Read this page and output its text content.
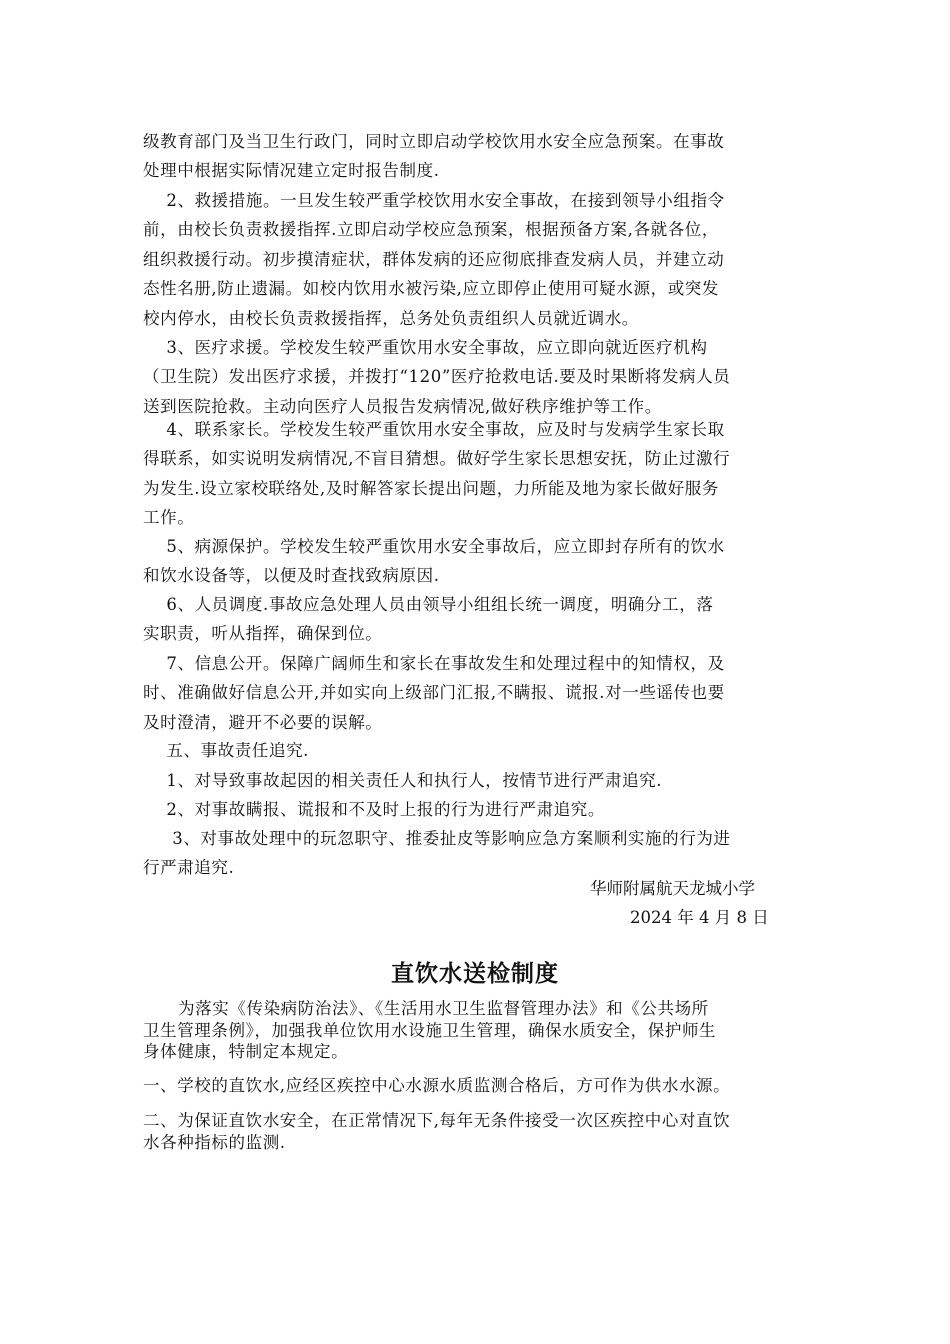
级教育部门及当卫生行政门，同时立即启动学校饮用水安全应急预案。在事故
处理中根据实际情况建立定时报告制度.
2、救援措施。一旦发生较严重学校饮用水安全事故，在接到领导小组指令
前，由校长负责救援指挥.立即启动学校应急预案，根据预备方案,各就各位，
组织救援行动。初步摸清症状，群体发病的还应彻底排查发病人员，并建立动
态性名册,防止遗漏。如校内饮用水被污染,应立即停止使用可疑水源，或突发
校内停水，由校长负责救援指挥，总务处负责组织人员就近调水。
3、医疗求援。学校发生较严重饮用水安全事故，应立即向就近医疗机构
（卫生院）发出医疗求援，并拨打“120”医疗抢救电话.要及时果断将发病人员
送到医院抢救。主动向医疗人员报告发病情况,做好秩序维护等工作。
4、联系家长。学校发生较严重饮用水安全事故，应及时与发病学生家长取
得联系，如实说明发病情况,不盲目猜想。做好学生家长思想安抚，防止过激行
为发生.设立家校联络处,及时解答家长提出问题，力所能及地为家长做好服务
工作。
5、病源保护。学校发生较严重饮用水安全事故后，应立即封存所有的饮水
和饮水设备等，以便及时查找致病原因.
6、人员调度.事故应急处理人员由领导小组组长统一调度，明确分工，落
实职责，听从指挥，确保到位。
7、信息公开。保障广阔师生和家长在事故发生和处理过程中的知情权，及
时、准确做好信息公开,并如实向上级部门汇报,不瞒报、谎报.对一些谣传也要
及时澄清，避开不必要的误解。
五、事故责任追究.
1、对导致事故起因的相关责任人和执行人，按情节进行严肃追究.
2、对事故瞒报、谎报和不及时上报的行为进行严肃追究。
3、对事故处理中的玩忽职守、推委扯皮等影响应急方案顺利实施的行为进
行严肃追究.
华师附属航天龙城小学
2024 年 4 月 8 日
直饮水送检制度
为落实《传染病防治法》、《生活用水卫生监督管理办法》和《公共场所
卫生管理条例》，加强我单位饮用水设施卫生管理，确保水质安全，保护师生
身体健康，特制定本规定。
一、学校的直饮水,应经区疾控中心水源水质监测合格后，方可作为供水水源。
二、为保证直饮水安全，在正常情况下,每年无条件接受一次区疾控中心对直饮
水各种指标的监测.
